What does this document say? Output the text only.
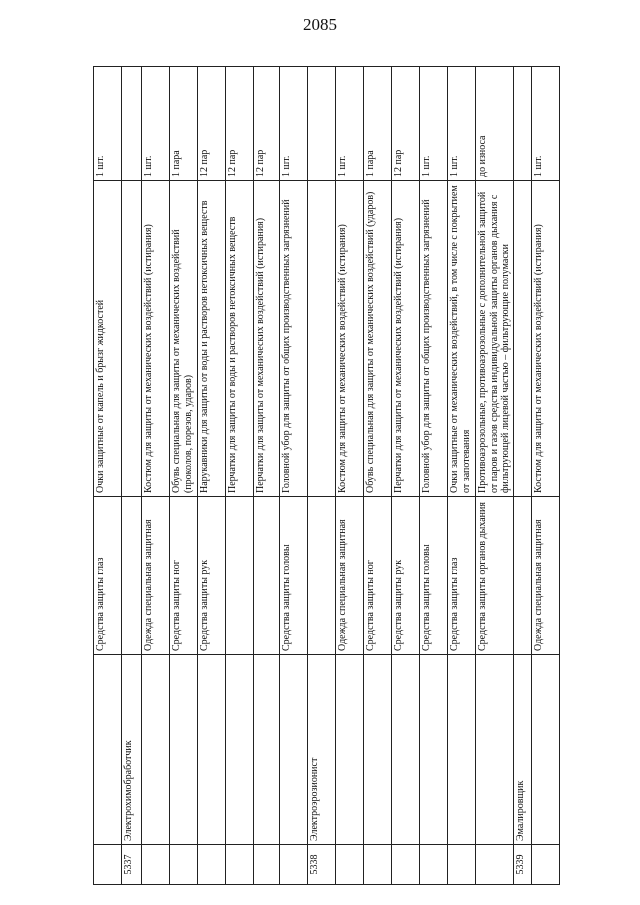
2085
		Средства защиты глаз	Очки защитные от капель и брызг жидкостей	1 шт.
5337	Электрохимобработчик			
		Одежда специальная защитная	Костюм для защиты от механических воздействий (истирания)	1 шт.
		Средства защиты ног	Обувь специальная для защиты от механических воздействий (проколов, порезов, ударов)	1 пара
		Средства защиты рук	Нарукавники для защиты от воды и растворов нетоксичных веществ	12 пар
			Перчатки для защиты от воды и растворов нетоксичных веществ	12 пар
			Перчатки для защиты от механических воздействий (истирания)	12 пар
		Средства защиты головы	Головной убор для защиты от общих производственных загрязнений	1 шт.
5338	Электроэрозионист			
		Одежда специальная защитная	Костюм для защиты от механических воздействий (истирания)	1 шт.
		Средства защиты ног	Обувь специальная для защиты от механических воздействий (ударов)	1 пара
		Средства защиты рук	Перчатки для защиты от механических воздействий (истирания)	12 пар
		Средства защиты головы	Головной убор для защиты от общих производственных загрязнений	1 шт.
		Средства защиты глаз	Очки защитные от механических воздействий, в том числе с покрытием от запотевания	1 шт.
		Средства защиты органов дыхания	Противоаэрозольные, противоаэрозольные с дополнительной защитой от паров и газов средства индивидуальной защиты органов дыхания с фильтрующей лицевой частью – фильтрующие полумаски	до износа
5339	Эмалировщик			
		Одежда специальная защитная	Костюм для защиты от механических воздействий (истирания)	1 шт.
